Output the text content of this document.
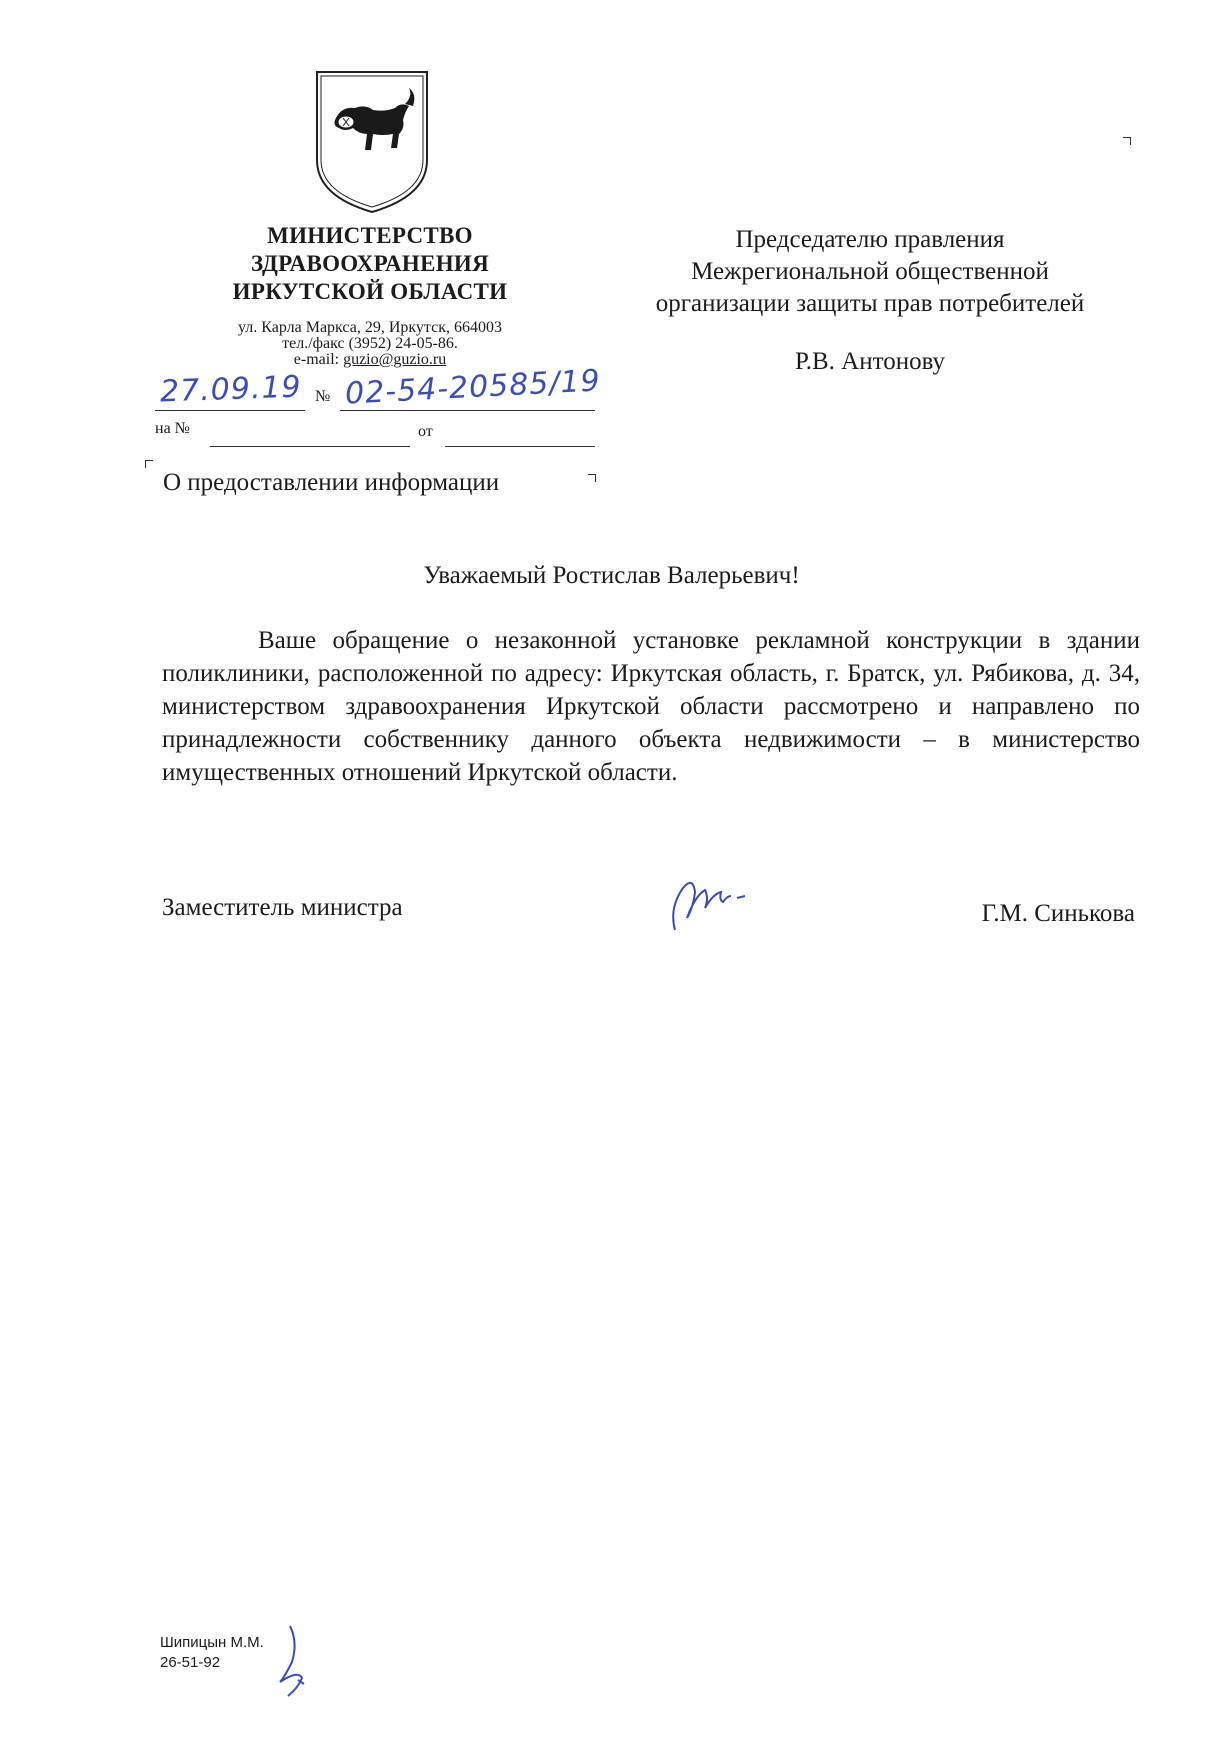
МИНИСТЕРСТВО
ЗДРАВООХРАНЕНИЯ
ИРКУТСКОЙ ОБЛАСТИ
ул. Карла Маркса, 29, Иркутск, 664003
тел./факс (3952) 24-05-86.
e-mail: guzio@guzio.ru
27.09.19 № 02-54-20585/19
на №	от
О предоставлении информации
Председателю правления
Межрегиональной общественной
организации защиты прав потребителей
Р.В. Антонову
Уважаемый Ростислав Валерьевич!
Ваше обращение о незаконной установке рекламной конструкции в здании поликлиники, расположенной по адресу: Иркутская область, г. Братск, ул. Рябикова, д. 34, министерством здравоохранения Иркутской области рассмотрено и направлено по принадлежности собственнику данного объекта недвижимости – в министерство имущественных отношений Иркутской области.
Заместитель министра	Г.М. Синькова
Шипицын М.М.
26-51-92
